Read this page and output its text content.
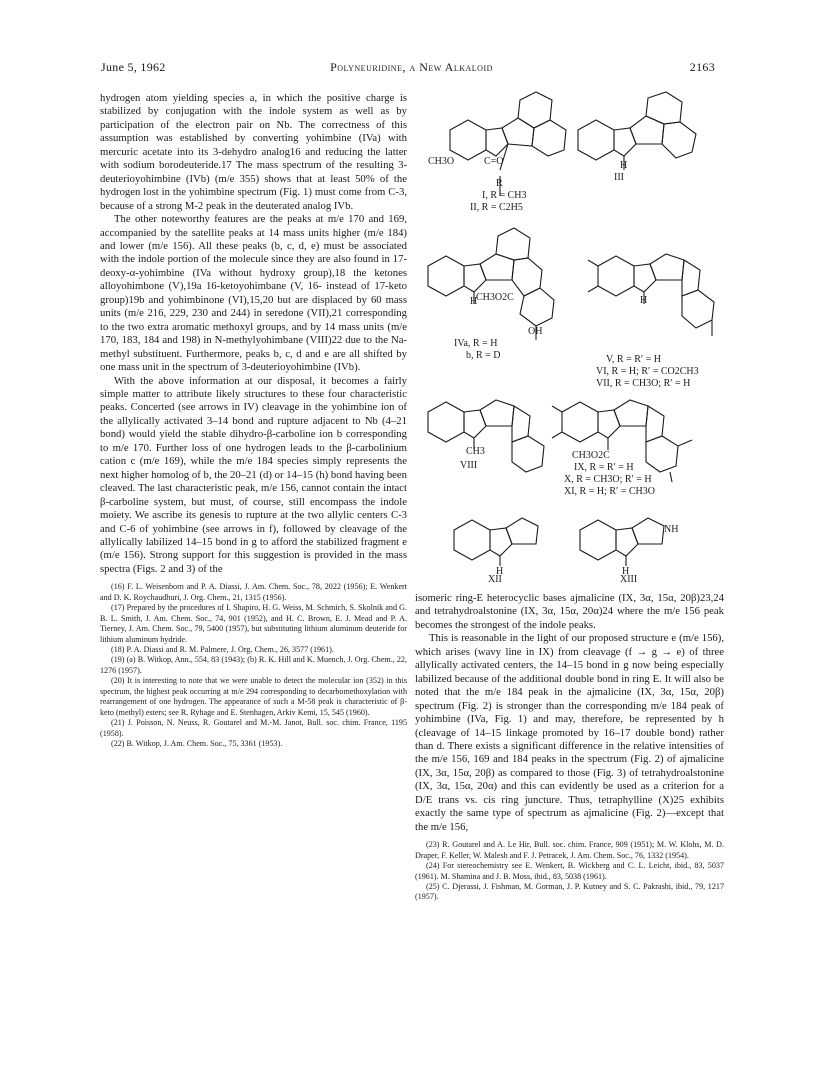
June 5, 1962	Polyneuridine, a New Alkaloid	2163

hydrogen atom yielding species a, in which the positive charge is stabilized by conjugation with the indole system as well as by participation of the electron pair on Nb. The correctness of this assumption was established by converting yohimbine (IVa) with mercuric acetate into its 3-dehydro analog16 and reducing the latter with sodium borodeuteride.17 The mass spectrum of the resulting 3-deuterioyohimbine (IVb) (m/e 355) shows that at least 50% of the hydrogen lost in the yohimbine spectrum (Fig. 1) must come from C-3, because of a strong M-2 peak in the deuterated analog IVb.

The other noteworthy features are the peaks at m/e 170 and 169, accompanied by the satellite peaks at 14 mass units higher (m/e 184) and lower (m/e 156). All these peaks (b, c, d, e) must be associated with the indole portion of the molecule since they are also found in 17-deoxy-α-yohimbine (IVa without hydroxy group),18 the ketones alloyohimbone (V),19a 16-ketoyohimbane (V, 16- instead of 17-keto group)19b and yohimbinone (VI),15,20 but are displaced by 60 mass units (m/e 216, 229, 230 and 244) in seredone (VII),21 corresponding to the two extra aromatic methoxyl groups, and by 14 mass units (m/e 170, 183, 184 and 198) in N-methylyohimbane (VIII)22 due to the Na-methyl substituent. Furthermore, peaks b, c, d and e are all shifted by one mass unit in the spectrum of 3-deuterioyohimbine (IVb).

With the above information at our disposal, it becomes a fairly simple matter to attribute likely structures to these four characteristic peaks. Concerted (see arrows in IV) cleavage in the yohimbine ion of the allylically activated 3–14 bond and rupture adjacent to Nb (4–21 bond) would yield the stable dihydro-β-carboline ion b corresponding to m/e 170. Further loss of one hydrogen leads to the β-carbolinium cation c (m/e 169), while the m/e 184 species simply represents the next higher homolog of b, the 20–21 (d) or 14–15 (h) bond having been cleaved. The last characteristic peak, m/e 156, cannot contain the intact β-carboline system, but must, of course, still encompass the indole moiety. We ascribe its genesis to rupture at the two allylic centers C-3 and C-6 of yohimbine (see arrows in f), followed by cleavage of the allylically labilized 14–15 bond in g to afford the stabilized fragment e (m/e 156). Strong support for this suggestion is provided in the mass spectra (Figs. 2 and 3) of the

(16) F. L. Weisenborn and P. A. Diassi, J. Am. Chem. Soc., 78, 2022 (1956); E. Wenkert and D. K. Roychaudhuri, J. Org. Chem., 21, 1315 (1956).

(17) Prepared by the procedures of I. Shapiro, H. G. Weiss, M. Schmich, S. Skolnik and G. B. L. Smith, J. Am. Chem. Soc., 74, 901 (1952), and H. C. Brown, E. J. Mead and P. A. Tierney, J. Am. Chem. Soc., 79, 5400 (1957), but substituting lithium aluminum deuteride for lithium aluminum hydride.

(18) P. A. Diassi and R. M. Palmere, J. Org. Chem., 26, 3577 (1961).

(19) (a) B. Witkop, Ann., 554, 83 (1943); (b) R. K. Hill and K. Muench, J. Org. Chem., 22, 1276 (1957).

(20) It is interesting to note that we were unable to detect the molecular ion (352) in this spectrum, the highest peak occurring at m/e 294 corresponding to decarbomethoxylation with rearrangement of one hydrogen. The appearance of such a M-58 peak is characteristic of β-keto (methyl) esters; see R. Ryhage and E. Stenhagen, Arkiv Kemi, 15, 545 (1960).

(21) J. Poisson, N. Neuss, R. Goutarel and M.-M. Janot, Bull. soc. chim. France, 1195 (1958).

(22) B. Witkop, J. Am. Chem. Soc., 75, 3361 (1953).

CH3O	C=O
R
I, R = CH3
II, R = C2H5
H
III
H
CH3O2C
OH
IVa, R = H
b, R = D
H
V, R = R′ = H
VI, R = H; R′ = CO2CH3
VII, R = CH3O; R′ = H
CH3
VIII
CH3O2C
IX, R = R′ = H
X, R = CH3O; R′ = H
XI, R = H; R′ = CH3O
H
XII
NH
H
XIII

isomeric ring-E heterocyclic bases ajmalicine (IX, 3α, 15α, 20β)23,24 and tetrahydroalstonine (IX, 3α, 15α, 20α)24 where the m/e 156 peak becomes the strongest of the indole peaks.

This is reasonable in the light of our proposed structure e (m/e 156), which arises (wavy line in IX) from cleavage (f → g → e) of three allylically activated centers, the 14–15 bond in g now being especially labilized because of the additional double bond in ring E. It will also be noted that the m/e 184 peak in the ajmalicine (IX, 3α, 15α, 20β) spectrum (Fig. 2) is stronger than the corresponding m/e 184 peak of yohimbine (IVa, Fig. 1) and may, therefore, be represented by h (cleavage of 14–15 linkage promoted by 16–17 double bond) rather than d. There exists a significant difference in the relative intensities of the m/e 156, 169 and 184 peaks in the spectrum (Fig. 2) of ajmalicine (IX, 3α, 15α, 20β) as compared to those (Fig. 3) of tetrahydroalstonine (IX, 3α, 15α, 20α) and this can evidently be used as a criterion for a D/E trans vs. cis ring juncture. Thus, tetraphylline (X)25 exhibits exactly the same type of spectrum as ajmalicine (Fig. 2)—except that the m/e 156,

(23) R. Goutarel and A. Le Hir, Bull. soc. chim. France, 909 (1951); M. W. Klohs, M. D. Draper, F. Keller, W. Malesh and F. J. Petracek, J. Am. Chem. Soc., 76, 1332 (1954).

(24) For stereochemistry see E. Wenkert, B. Wickberg and C. L. Leicht, ibid., 83, 5037 (1961). M. Shamina and J. B. Moss, ibid., 83, 5038 (1961).

(25) C. Djerassi, J. Fishman, M. Gorman, J. P. Kutney and S. C. Pakrashi, ibid., 79, 1217 (1957).
